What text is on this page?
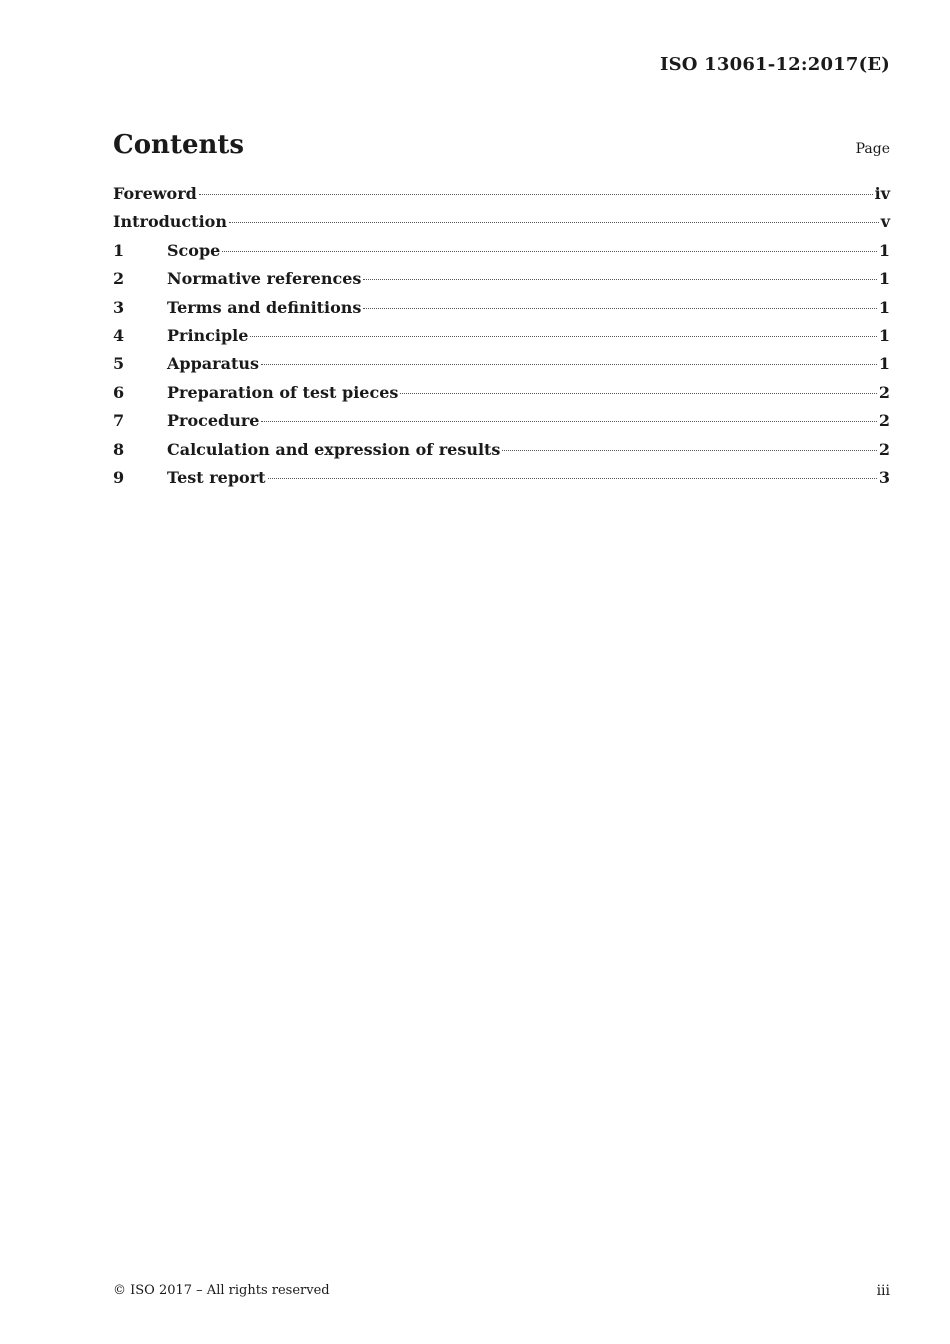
ISO 13061-12:2017(E)
Contents	Page
Foreword	iv
Introduction	v
1	Scope	1
2	Normative references	1
3	Terms and definitions	1
4	Principle	1
5	Apparatus	1
6	Preparation of test pieces	2
7	Procedure	2
8	Calculation and expression of results	2
9	Test report	3
© ISO 2017 – All rights reserved	iii
